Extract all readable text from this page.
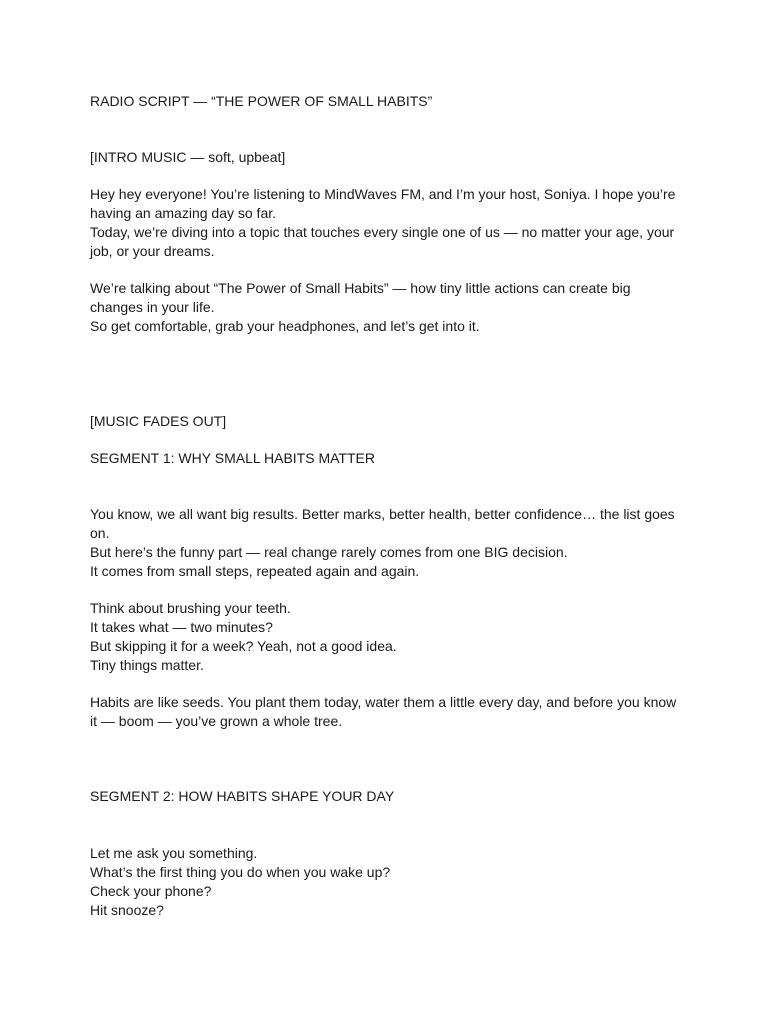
RADIO SCRIPT — “THE POWER OF SMALL HABITS”

[INTRO MUSIC — soft, upbeat]

Hey hey everyone! You’re listening to MindWaves FM, and I’m your host, Soniya. I hope you’re having an amazing day so far.
Today, we’re diving into a topic that touches every single one of us — no matter your age, your job, or your dreams.

We’re talking about “The Power of Small Habits” — how tiny little actions can create big changes in your life.
So get comfortable, grab your headphones, and let’s get into it.

[MUSIC FADES OUT]

SEGMENT 1: WHY SMALL HABITS MATTER

You know, we all want big results. Better marks, better health, better confidence… the list goes on.
But here’s the funny part — real change rarely comes from one BIG decision.
It comes from small steps, repeated again and again.

Think about brushing your teeth.
It takes what — two minutes?
But skipping it for a week? Yeah, not a good idea.
Tiny things matter.

Habits are like seeds. You plant them today, water them a little every day, and before you know it — boom — you’ve grown a whole tree.

SEGMENT 2: HOW HABITS SHAPE YOUR DAY

Let me ask you something.
What’s the first thing you do when you wake up?
Check your phone?
Hit snooze?
